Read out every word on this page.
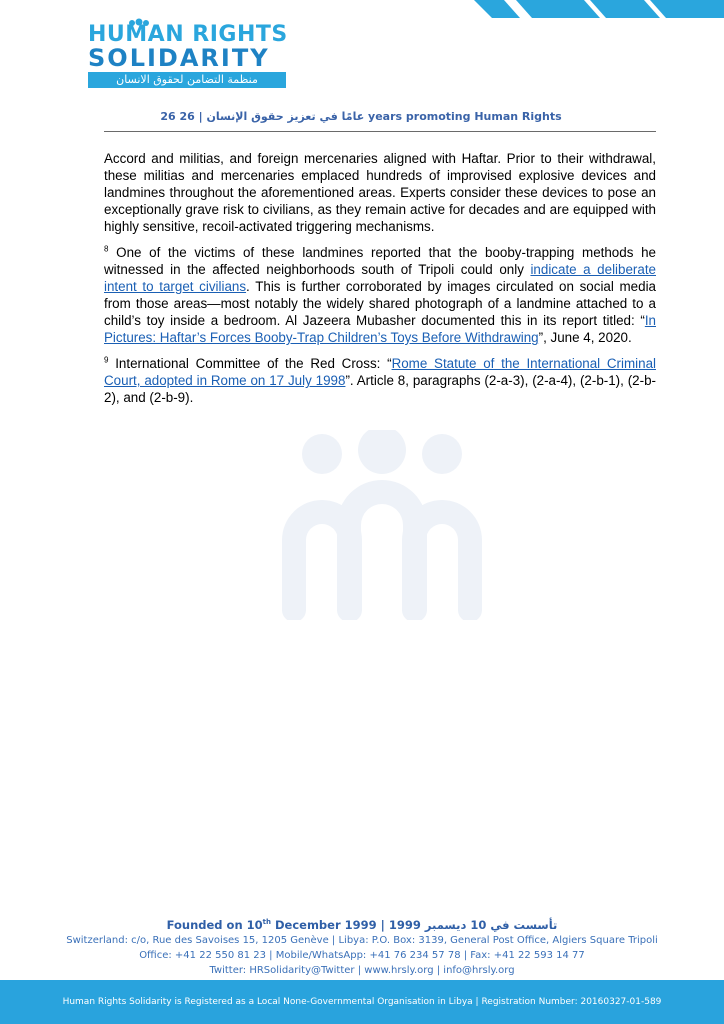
HUMAN RIGHTS
SOLIDARITY
منظمة التضامن لحقوق الانسان
26 عامًا في تعزيز حقوق الإنسان | 26 years promoting Human Rights

Accord and militias, and foreign mercenaries aligned with Haftar. Prior to their withdrawal, these militias and mercenaries emplaced hundreds of improvised explosive devices and landmines throughout the aforementioned areas. Experts consider these devices to pose an exceptionally grave risk to civilians, as they remain active for decades and are equipped with highly sensitive, recoil-activated triggering mechanisms.

$^8$ One of the victims of these landmines reported that the booby-trapping methods he witnessed in the affected neighborhoods south of Tripoli could only indicate a deliberate intent to target civilians. This is further corroborated by images circulated on social media from those areas—most notably the widely shared photograph of a landmine attached to a child’s toy inside a bedroom. Al Jazeera Mubasher documented this in its report titled: “In Pictures: Haftar’s Forces Booby-Trap Children’s Toys Before Withdrawing”, June 4, 2020.

$^9$ International Committee of the Red Cross: “Rome Statute of the International Criminal Court, adopted in Rome on 17 July 1998”. Article 8, paragraphs (2-a-3), (2-a-4), (2-b-1), (2-b-2), and (2-b-9).

Founded on 10th December 1999 | 1999 تأسست في 10 ديسمبر
Switzerland: c/o, Rue des Savoises 15, 1205 Genève | Libya: P.O. Box: 3139, General Post Office, Algiers Square Tripoli
Office: +41 22 550 81 23 | Mobile/WhatsApp: +41 76 234 57 78 | Fax: +41 22 593 14 77
Twitter: HRSolidarity@Twitter | www.hrsly.org | info@hrsly.org
Human Rights Solidarity is Registered as a Local None-Governmental Organisation in Libya | Registration Number: 20160327-01-589
